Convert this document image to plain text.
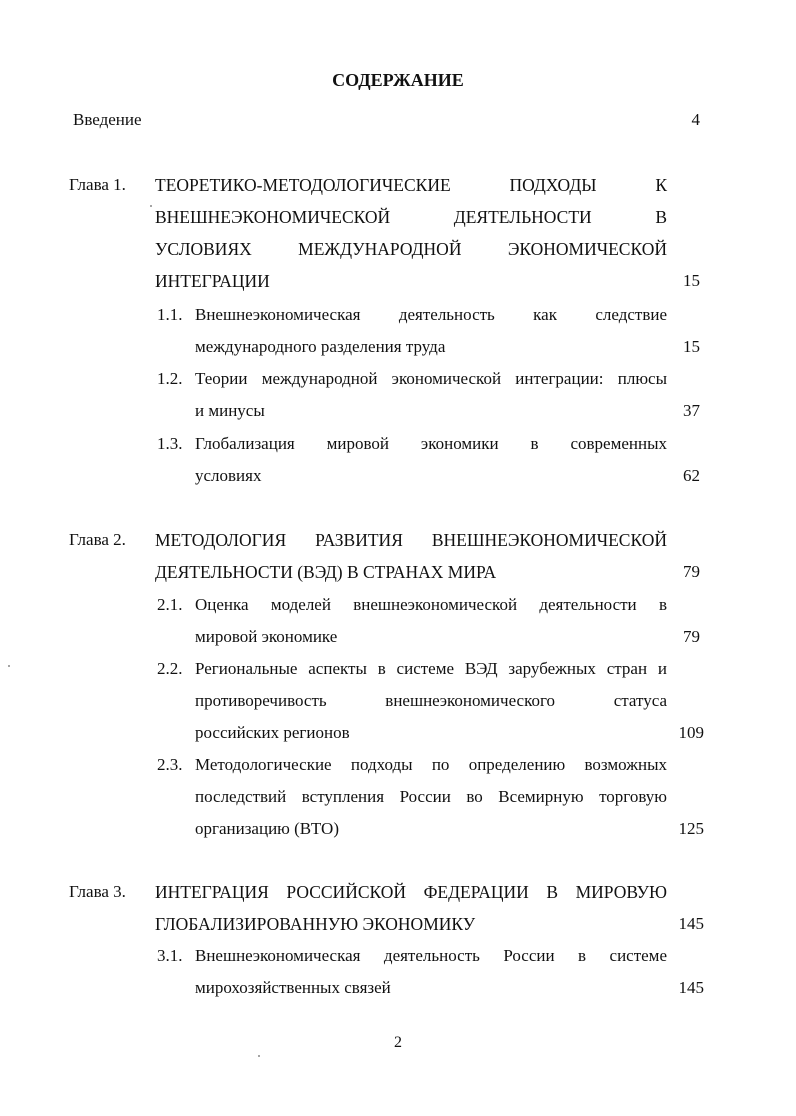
СОДЕРЖАНИЕ
Введение	4
Глава 1. ТЕОРЕТИКО-МЕТОДОЛОГИЧЕСКИЕ ПОДХОДЫ К
ВНЕШНЕЭКОНОМИЧЕСКОЙ ДЕЯТЕЛЬНОСТИ В
УСЛОВИЯХ МЕЖДУНАРОДНОЙ ЭКОНОМИЧЕСКОЙ
ИНТЕГРАЦИИ	15
1.1. Внешнеэкономическая деятельность как следствие
международного разделения труда	15
1.2. Теории международной экономической интеграции: плюсы
и минусы	37
1.3. Глобализация мировой экономики в современных
условиях	62
Глава 2. МЕТОДОЛОГИЯ РАЗВИТИЯ ВНЕШНЕЭКОНОМИЧЕСКОЙ
ДЕЯТЕЛЬНОСТИ (ВЭД) В СТРАНАХ МИРА	79
2.1. Оценка моделей внешнеэкономической деятельности в
мировой экономике	79
2.2. Региональные аспекты в системе ВЭД зарубежных стран и
противоречивость внешнеэкономического статуса
российских регионов	109
2.3. Методологические подходы по определению возможных
последствий вступления России во Всемирную торговую
организацию (ВТО)	125
Глава 3. ИНТЕГРАЦИЯ РОССИЙСКОЙ ФЕДЕРАЦИИ В МИРОВУЮ
ГЛОБАЛИЗИРОВАННУЮ ЭКОНОМИКУ	145
3.1. Внешнеэкономическая деятельность России в системе
мирохозяйственных связей	145
2
